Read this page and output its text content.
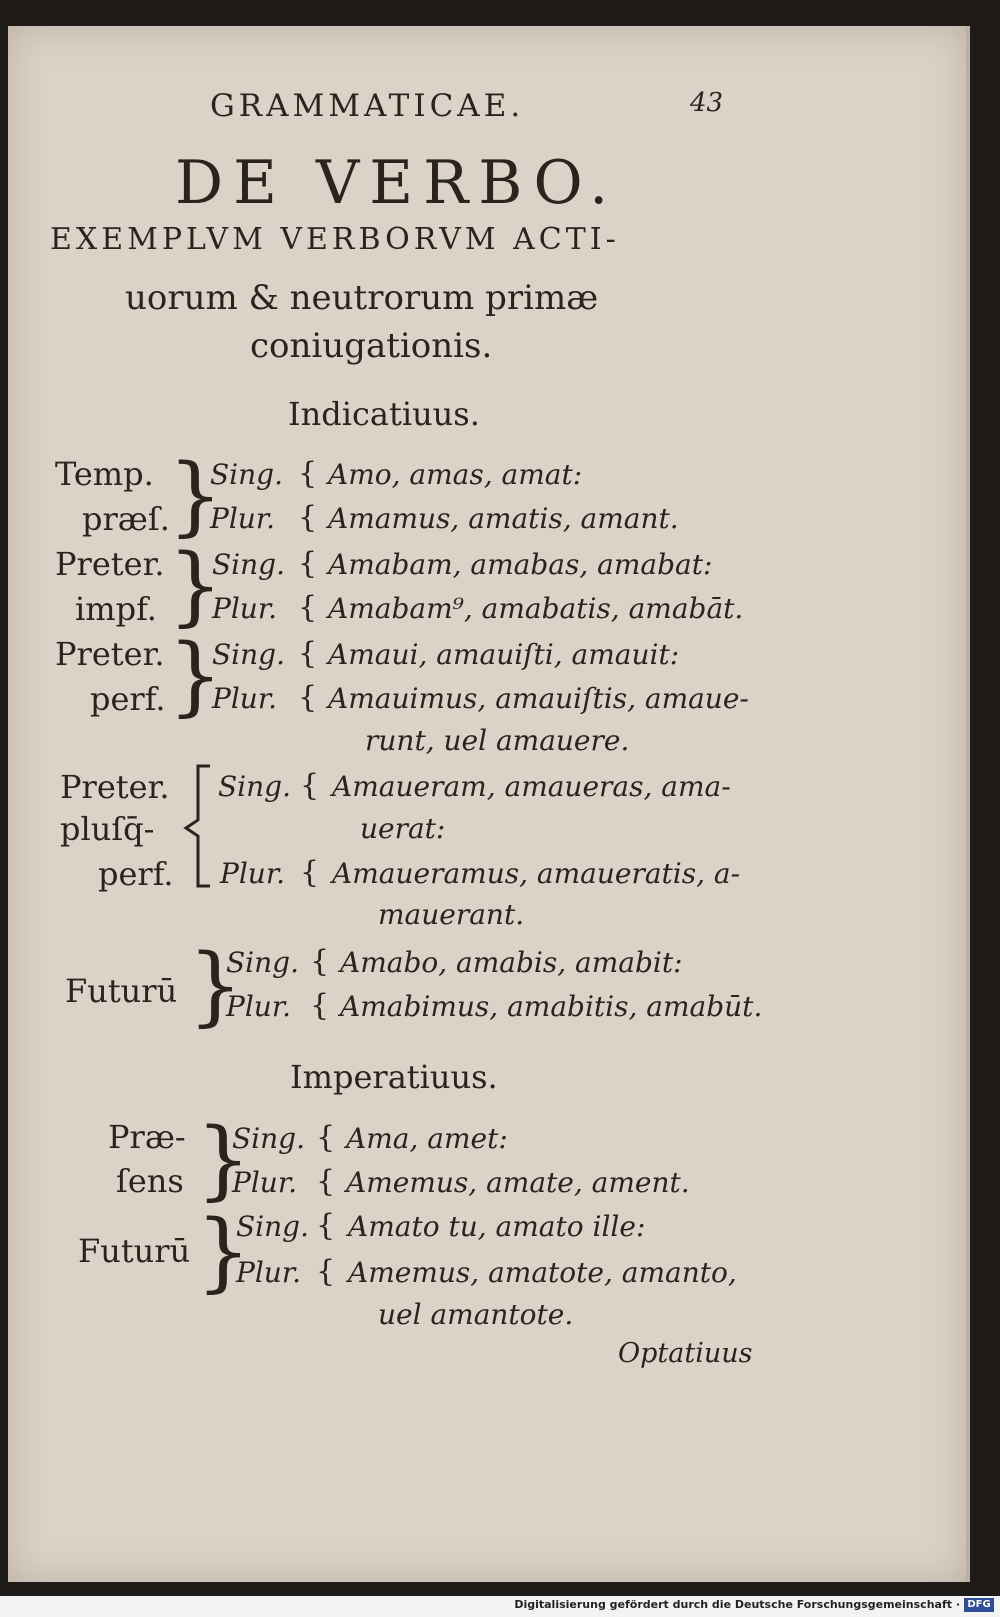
GRAMMATICAE.	43
DE VERBO.
EXEMPLVM VERBORVM ACTI-
uorum & neutrorum primæ
coniugationis.
Indicatiuus.
Temp.
præſ.
}
Sing. { Amo, amas, amat:
Plur. { Amamus, amatis, amant.
Preter.
impf. }
Sing. { Amabam, amabas, amabat:
Plur. { Amabam⁹, amabatis, amabāt.
Preter.
perf. }
Sing. { Amaui, amauiſti, amauit:
Plur. { Amauimus, amauiſtis, amaue-
runt, uel amauere.
Preter.
pluſq̄-
perf.
Sing. { Amaueram, amaueras, ama-
uerat:
Plur. { Amaueramus, amaueratis, a-
mauerant.
Futurū }
Sing. { Amabo, amabis, amabit:
Plur. { Amabimus, amabitis, amabūt.
Imperatiuus.
Præ-
ſens }
Sing. { Ama, amet:
Plur. { Amemus, amate, ament.
Futurū }
Sing. { Amato tu, amato ille:
Plur. { Amemus, amatote, amanto,
uel amantote.
Optatiuus
Digitalisierung gefördert durch die Deutsche Forschungsgemeinschaft · DFG
